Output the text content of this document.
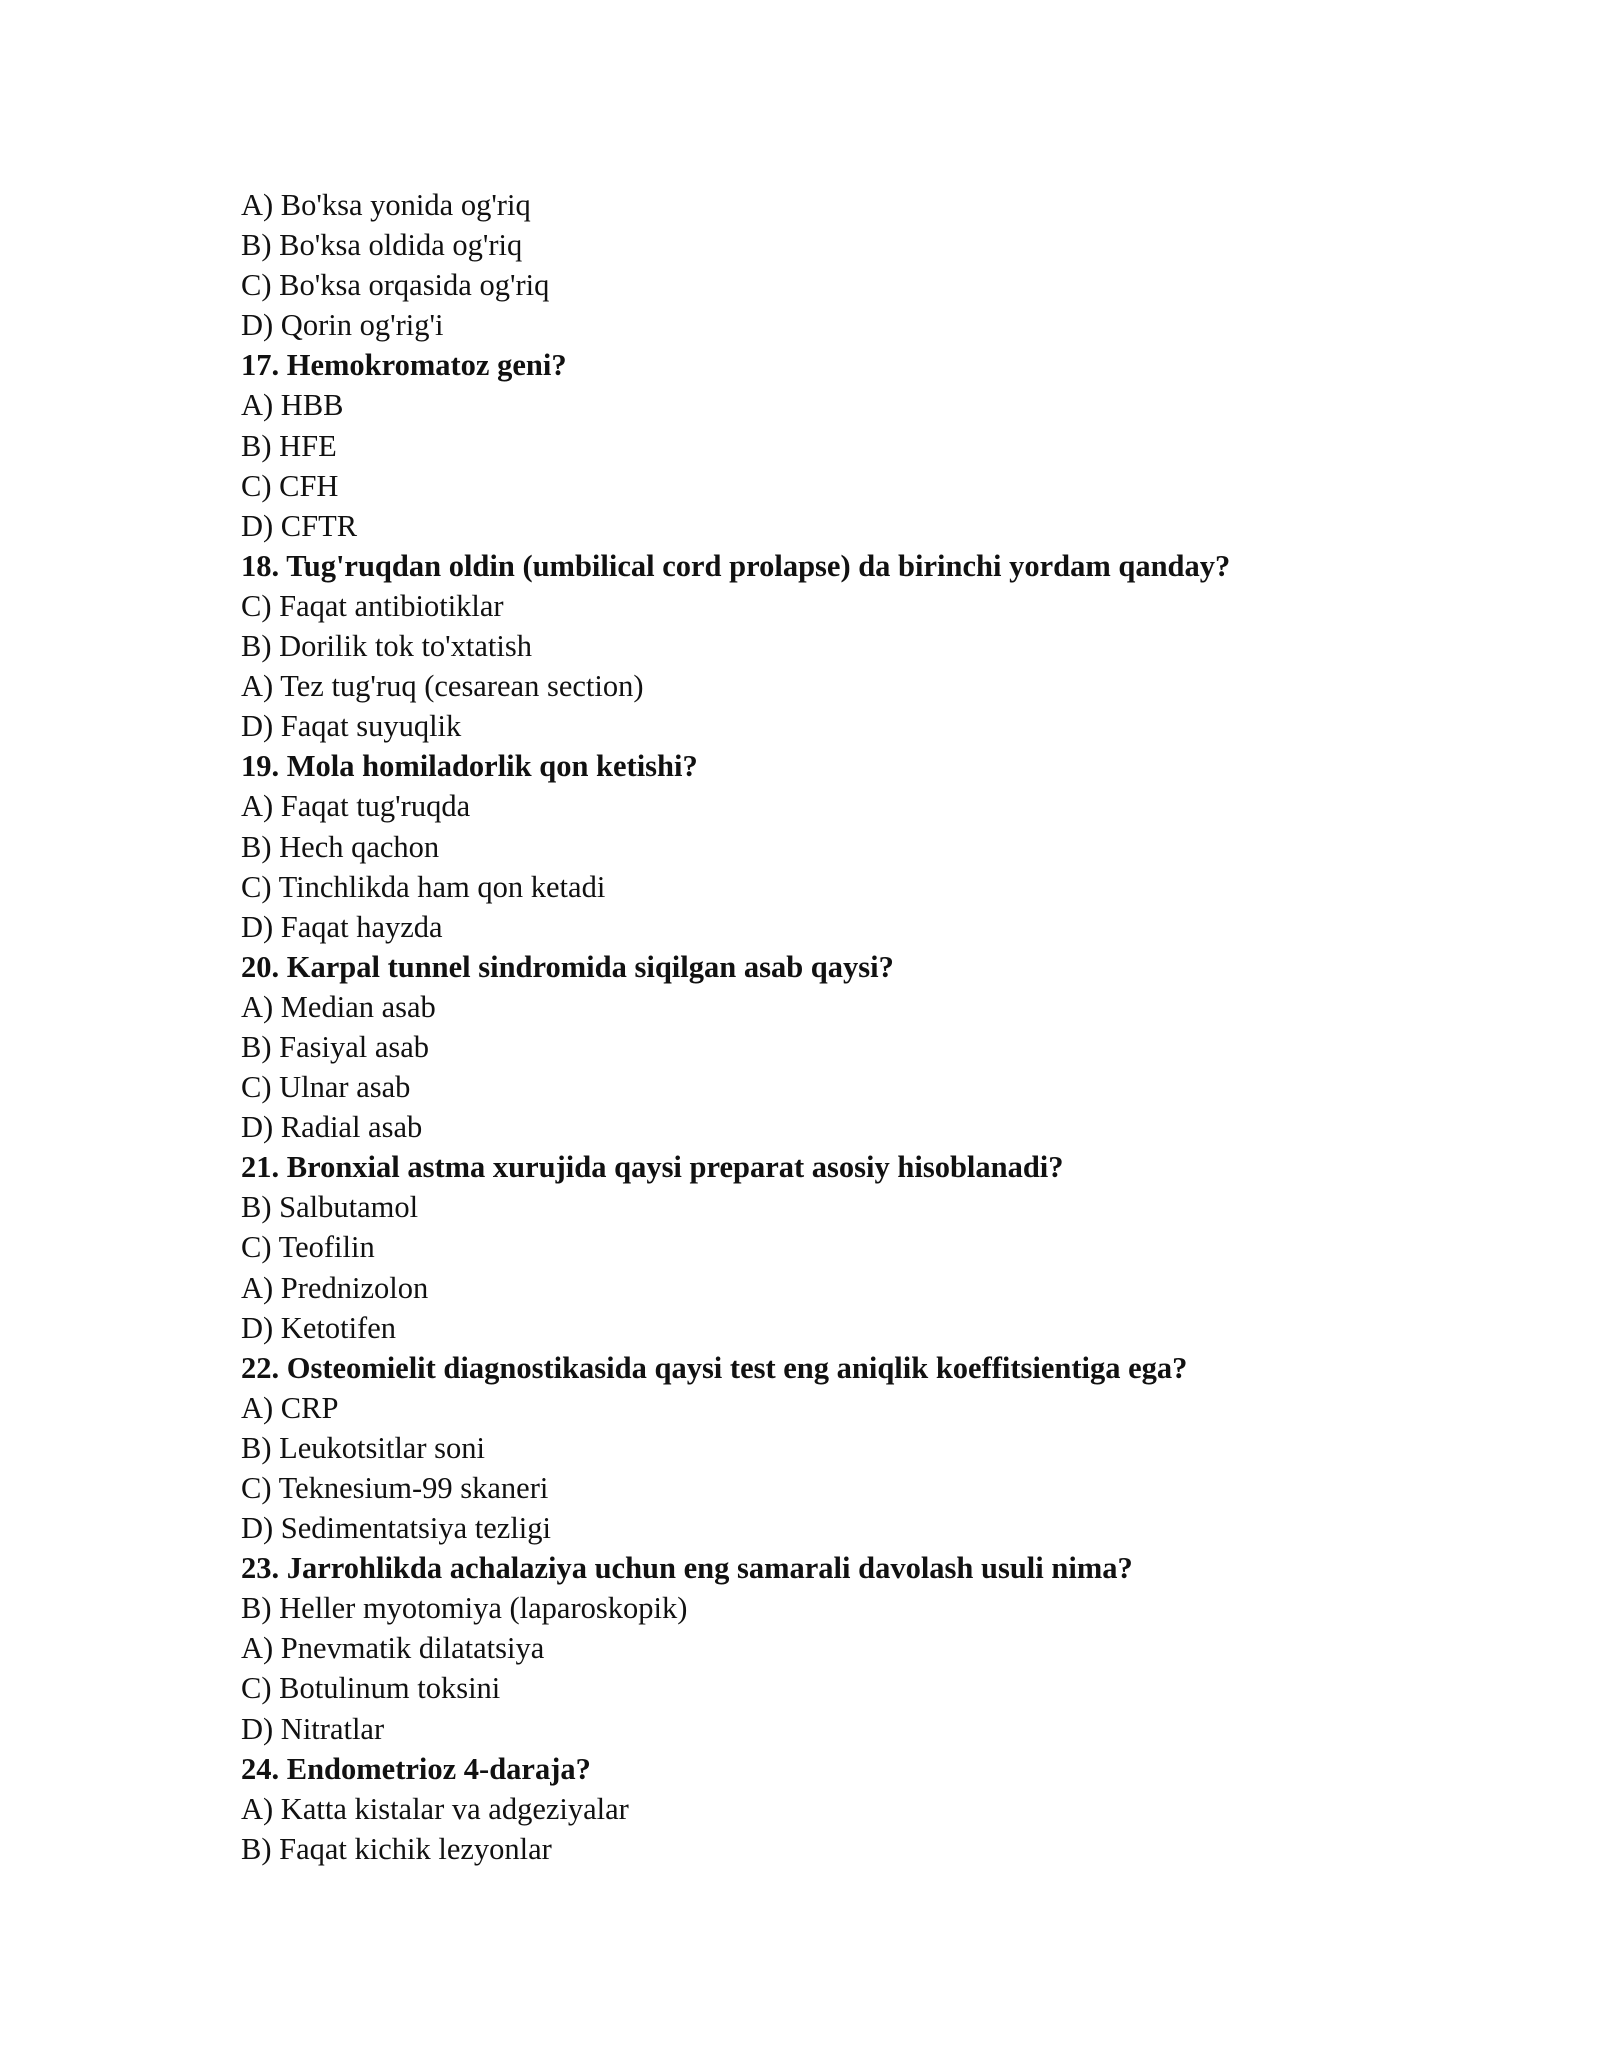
A) Bo'ksa yonida og'riq
B) Bo'ksa oldida og'riq
C) Bo'ksa orqasida og'riq
D) Qorin og'rig'i
17. Hemokromatoz geni?
A) HBB
B) HFE
C) CFH
D) CFTR
18. Tug'ruqdan oldin (umbilical cord prolapse) da birinchi yordam qanday?
C) Faqat antibiotiklar
B) Dorilik tok to'xtatish
A) Tez tug'ruq (cesarean section)
D) Faqat suyuqlik
19. Mola homiladorlik qon ketishi?
A) Faqat tug'ruqda
B) Hech qachon
C) Tinchlikda ham qon ketadi
D) Faqat hayzda
20. Karpal tunnel sindromida siqilgan asab qaysi?
A) Median asab
B) Fasiyal asab
C) Ulnar asab
D) Radial asab
21. Bronxial astma xurujida qaysi preparat asosiy hisoblanadi?
B) Salbutamol
C) Teofilin
A) Prednizolon
D) Ketotifen
22. Osteomielit diagnostikasida qaysi test eng aniqlik koeffitsientiga ega?
A) CRP
B) Leukotsitlar soni
C) Teknesium-99 skaneri
D) Sedimentatsiya tezligi
23. Jarrohlikda achalaziya uchun eng samarali davolash usuli nima?
B) Heller myotomiya (laparoskopik)
A) Pnevmatik dilatatsiya
C) Botulinum toksini
D) Nitratlar
24. Endometrioz 4-daraja?
A) Katta kistalar va adgeziyalar
B) Faqat kichik lezyonlar
